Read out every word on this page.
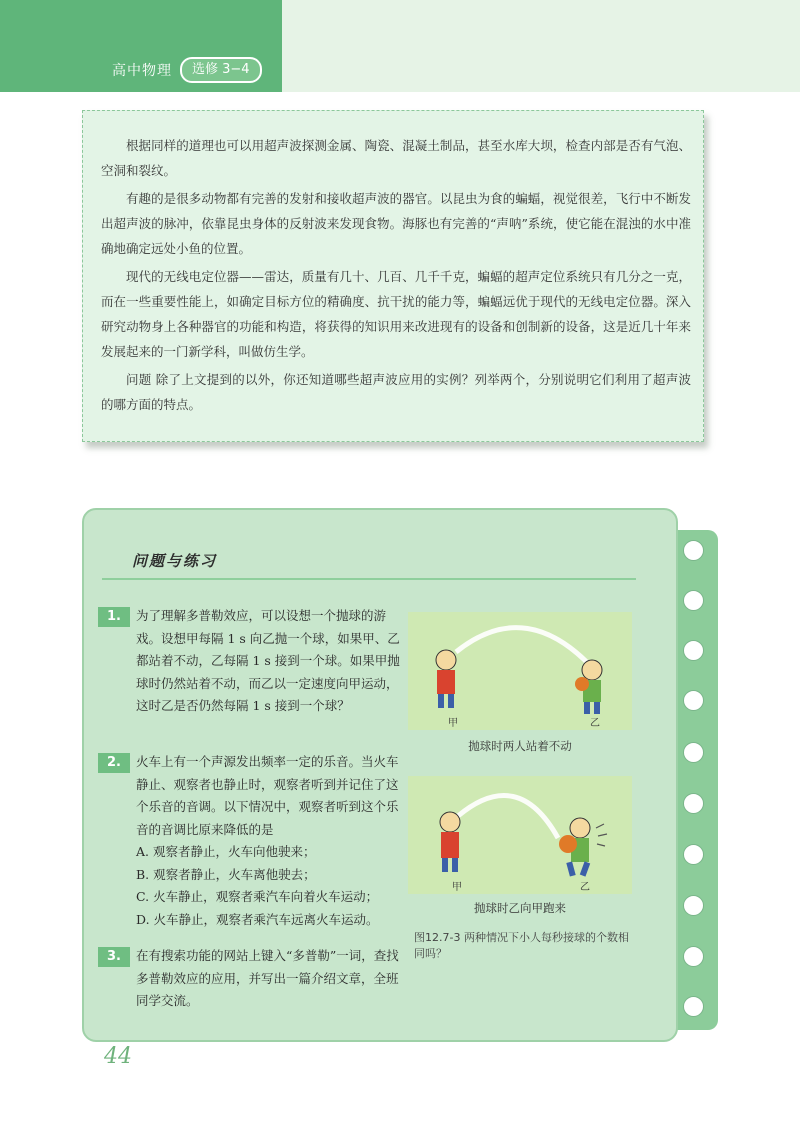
高中物理	选修 3−4

根据同样的道理也可以用超声波探测金属、陶瓷、混凝土制品，甚至水库大坝，检查内部是否有气泡、空洞和裂纹。

有趣的是很多动物都有完善的发射和接收超声波的器官。以昆虫为食的蝙蝠，视觉很差，飞行中不断发出超声波的脉冲，依靠昆虫身体的反射波来发现食物。海豚也有完善的“声呐”系统，使它能在混浊的水中准确地确定远处小鱼的位置。

现代的无线电定位器——雷达，质量有几十、几百、几千千克，蝙蝠的超声定位系统只有几分之一克，而在一些重要性能上，如确定目标方位的精确度、抗干扰的能力等，蝙蝠远优于现代的无线电定位器。深入研究动物身上各种器官的功能和构造，将获得的知识用来改进现有的设备和创制新的设备，这是近几十年来发展起来的一门新学科，叫做仿生学。

问题 除了上文提到的以外，你还知道哪些超声波应用的实例？列举两个，分别说明它们利用了超声波的哪方面的特点。

问题与练习
1.	为了理解多普勒效应，可以设想一个抛球的游戏。设想甲每隔 1 s 向乙抛一个球，如果甲、乙都站着不动，乙每隔 1 s 接到一个球。如果甲抛球时仍然站着不动，而乙以一定速度向甲运动，这时乙是否仍然每隔 1 s 接到一个球？

2.	火车上有一个声源发出频率一定的乐音。当火车静止、观察者也静止时，观察者听到并记住了这个乐音的音调。以下情况中，观察者听到这个乐音的音调比原来降低的是

A. 观察者静止，火车向他驶来；

B. 观察者静止，火车离他驶去；

C. 火车静止，观察者乘汽车向着火车运动；

D. 火车静止，观察者乘汽车远离火车运动。

3.	在有搜索功能的网站上键入“多普勒”一词，查找多普勒效应的应用，并写出一篇介绍文章，全班同学交流。

甲	乙
抛球时两人站着不动
甲	乙
抛球时乙向甲跑来
图12.7-3 两种情况下小人每秒接球的个数相同吗？
44
